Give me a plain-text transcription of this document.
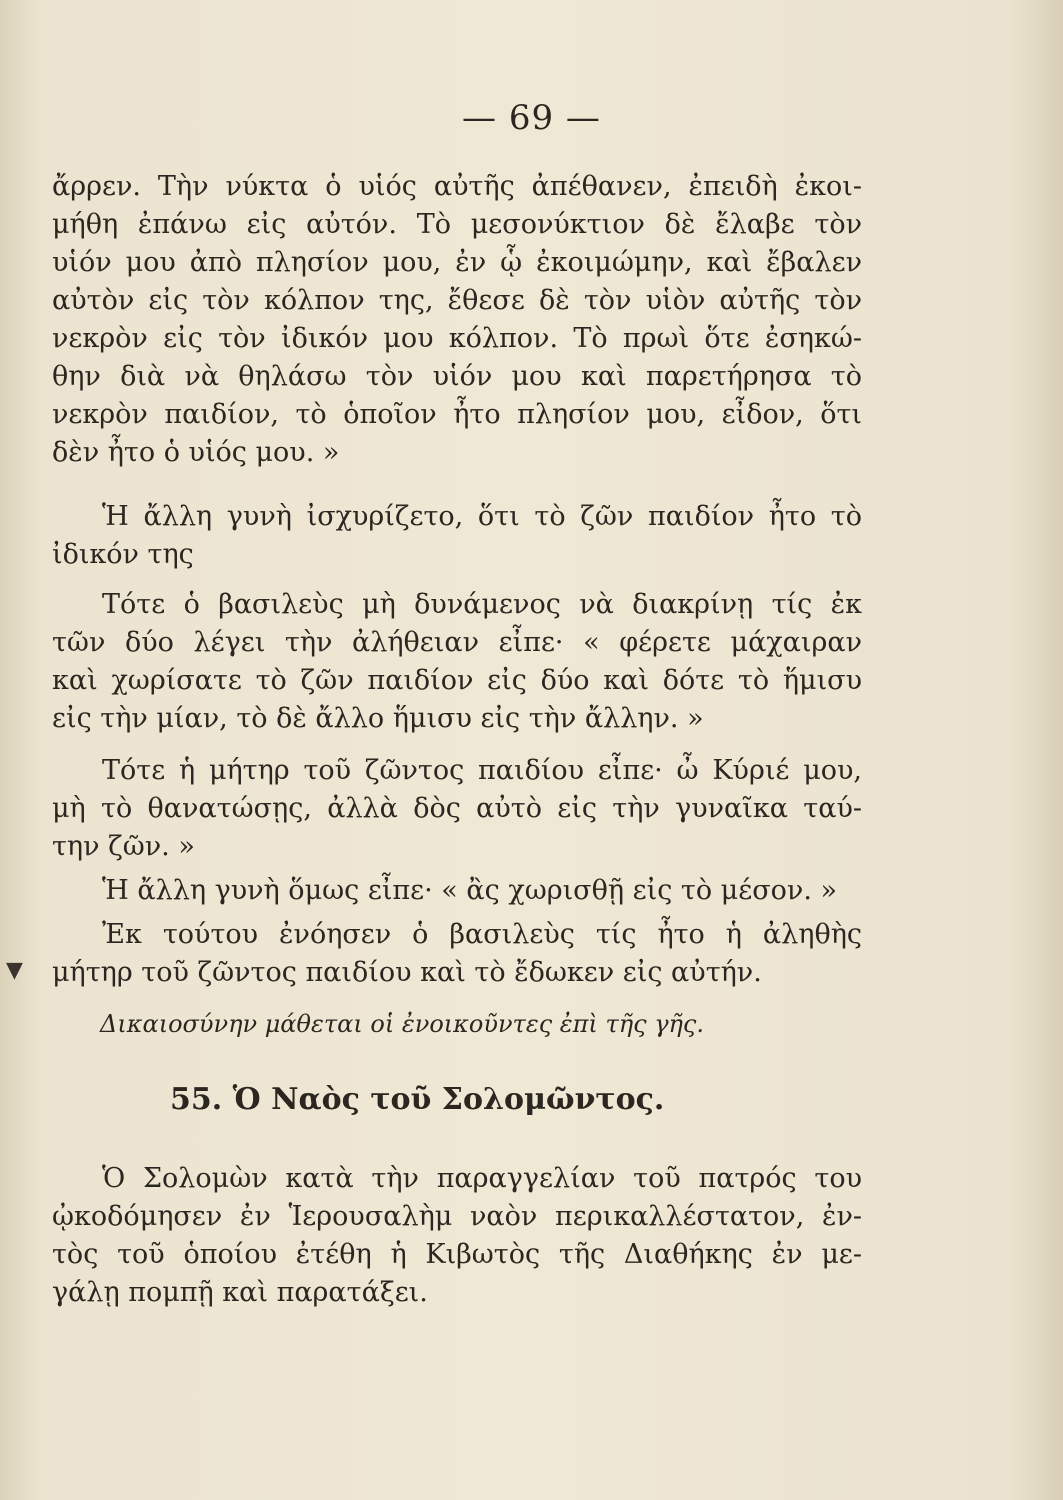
— 69 —
ἄρρεν. Τὴν νύκτα ὁ υἱός αὐτῆς ἀπέθανεν, ἐπειδὴ ἐκοι-
μήθη ἐπάνω εἰς αὐτόν. Τὸ μεσονύκτιον δὲ ἔλαβε τὸν
υἱόν μου ἀπὸ πλησίον μου, ἐν ᾧ ἐκοιμώμην, καὶ ἔβαλεν
αὐτὸν εἰς τὸν κόλπον της, ἔθεσε δὲ τὸν υἱὸν αὐτῆς τὸν
νεκρὸν εἰς τὸν ἰδικόν μου κόλπον. Τὸ πρωὶ ὅτε ἐσηκώ-
θην διὰ νὰ θηλάσω τὸν υἱόν μου καὶ παρετήρησα τὸ
νεκρὸν παιδίον, τὸ ὁποῖον ἦτο πλησίον μου, εἶδον, ὅτι
δὲν ἦτο ὁ υἱός μου. »
Ἡ ἄλλη γυνὴ ἰσχυρίζετο, ὅτι τὸ ζῶν παιδίον ἦτο τὸ
ἰδικόν της
Τότε ὁ βασιλεὺς μὴ δυνάμενος νὰ διακρίνῃ τίς ἐκ
τῶν δύο λέγει τὴν ἀλήθειαν εἶπε· « φέρετε μάχαιραν
καὶ χωρίσατε τὸ ζῶν παιδίον εἰς δύο καὶ δότε τὸ ἥμισυ
εἰς τὴν μίαν, τὸ δὲ ἄλλο ἥμισυ εἰς τὴν ἄλλην. »
Τότε ἡ μήτηρ τοῦ ζῶντος παιδίου εἶπε· ὦ Κύριέ μου,
μὴ τὸ θανατώσῃς, ἀλλὰ δὸς αὐτὸ εἰς τὴν γυναῖκα ταύ-
την ζῶν. »
Ἡ ἄλλη γυνὴ ὅμως εἶπε· « ἂς χωρισθῇ εἰς τὸ μέσον. »
Ἐκ τούτου ἐνόησεν ὁ βασιλεὺς τίς ἦτο ἡ ἀληθὴς
μήτηρ τοῦ ζῶντος παιδίου καὶ τὸ ἔδωκεν εἰς αὐτήν.
▼
Δικαιοσύνην μάθεται οἱ ἐνοικοῦντες ἐπὶ τῆς γῆς.
55. Ὁ Ναὸς τοῦ Σολομῶντος.
Ὁ Σολομὼν κατὰ τὴν παραγγελίαν τοῦ πατρός του
ᾠκοδόμησεν ἐν Ἱερουσαλὴμ ναὸν περικαλλέστατον, ἐν-
τὸς τοῦ ὁποίου ἐτέθη ἡ Κιβωτὸς τῆς Διαθήκης ἐν με-
γάλῃ πομπῇ καὶ παρατάξει.
